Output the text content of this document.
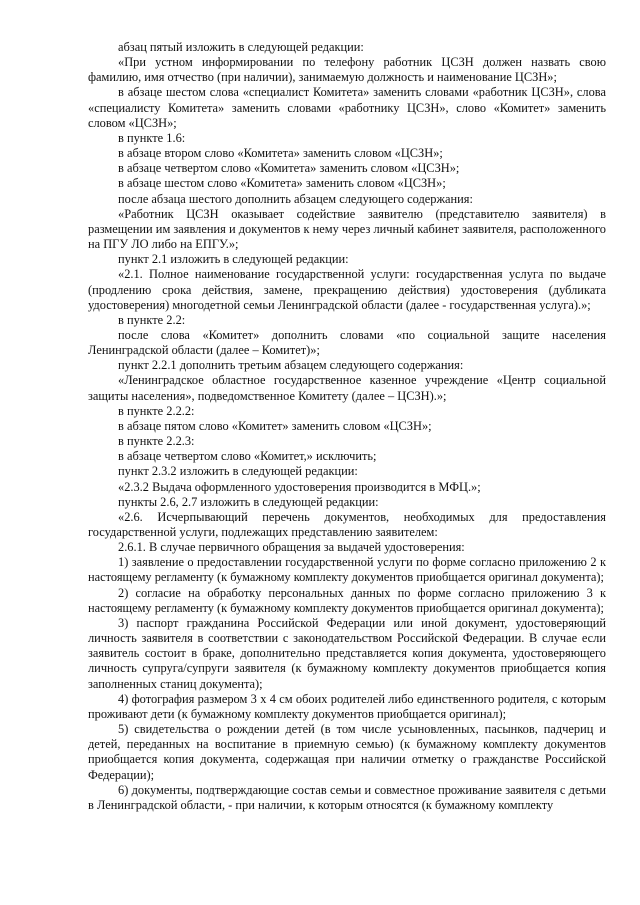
абзац пятый изложить в следующей редакции:

«При устном информировании по телефону работник ЦСЗН должен назвать свою фамилию, имя отчество (при наличии), занимаемую должность и наименование ЦСЗН»;

в абзаце шестом слова «специалист Комитета» заменить словами «работник ЦСЗН», слова «специалисту Комитета» заменить словами «работнику ЦСЗН», слово «Комитет» заменить словом «ЦСЗН»;

в пункте 1.6:

в абзаце втором слово «Комитета» заменить словом «ЦСЗН»;

в абзаце четвертом слово «Комитета» заменить словом «ЦСЗН»;

в абзаце шестом слово «Комитета» заменить словом «ЦСЗН»;

после абзаца шестого дополнить абзацем следующего содержания:

«Работник ЦСЗН оказывает содействие заявителю (представителю заявителя) в размещении им заявления и документов к нему через личный кабинет заявителя, расположенного на ПГУ ЛО либо на ЕПГУ.»;

пункт 2.1 изложить в следующей редакции:

«2.1. Полное наименование государственной услуги: государственная услуга по выдаче (продлению срока действия, замене, прекращению действия) удостоверения (дубликата удостоверения) многодетной семьи Ленинградской области (далее - государственная услуга).»;

в пункте 2.2:

после слова «Комитет» дополнить словами «по социальной защите населения Ленинградской области (далее – Комитет)»;

пункт 2.2.1 дополнить третьим абзацем следующего содержания:

«Ленинградское областное государственное казенное учреждение «Центр социальной защиты населения», подведомственное Комитету (далее – ЦСЗН).»;

в пункте 2.2.2:

в абзаце пятом слово «Комитет» заменить словом «ЦСЗН»;

в пункте 2.2.3:

в абзаце четвертом слово «Комитет,» исключить;

пункт 2.3.2 изложить в следующей редакции:

«2.3.2 Выдача оформленного удостоверения производится в МФЦ.»;

пункты 2.6, 2.7 изложить в следующей редакции:

«2.6. Исчерпывающий перечень документов, необходимых для предоставления государственной услуги, подлежащих представлению заявителем:

2.6.1. В случае первичного обращения за выдачей удостоверения:

1) заявление о предоставлении государственной услуги по форме согласно приложению 2 к настоящему регламенту (к бумажному комплекту документов приобщается оригинал документа);

2) согласие на обработку персональных данных по форме согласно приложению 3 к настоящему регламенту (к бумажному комплекту документов приобщается оригинал документа);

3) паспорт гражданина Российской Федерации или иной документ, удостоверяющий личность заявителя в соответствии с законодательством Российской Федерации. В случае если заявитель состоит в браке, дополнительно представляется копия документа, удостоверяющего личность супруга/супруги заявителя (к бумажному комплекту документов приобщается копия заполненных станиц документа);

4) фотография размером 3 х 4 см обоих родителей либо единственного родителя, с которым проживают дети (к бумажному комплекту документов приобщается оригинал);

5) свидетельства о рождении детей (в том числе усыновленных, пасынков, падчериц и детей, переданных на воспитание в приемную семью) (к бумажному комплекту документов приобщается копия документа, содержащая при наличии отметку о гражданстве Российской Федерации);

6) документы, подтверждающие состав семьи и совместное проживание заявителя с детьми в Ленинградской области, - при наличии, к которым относятся (к бумажному комплекту
